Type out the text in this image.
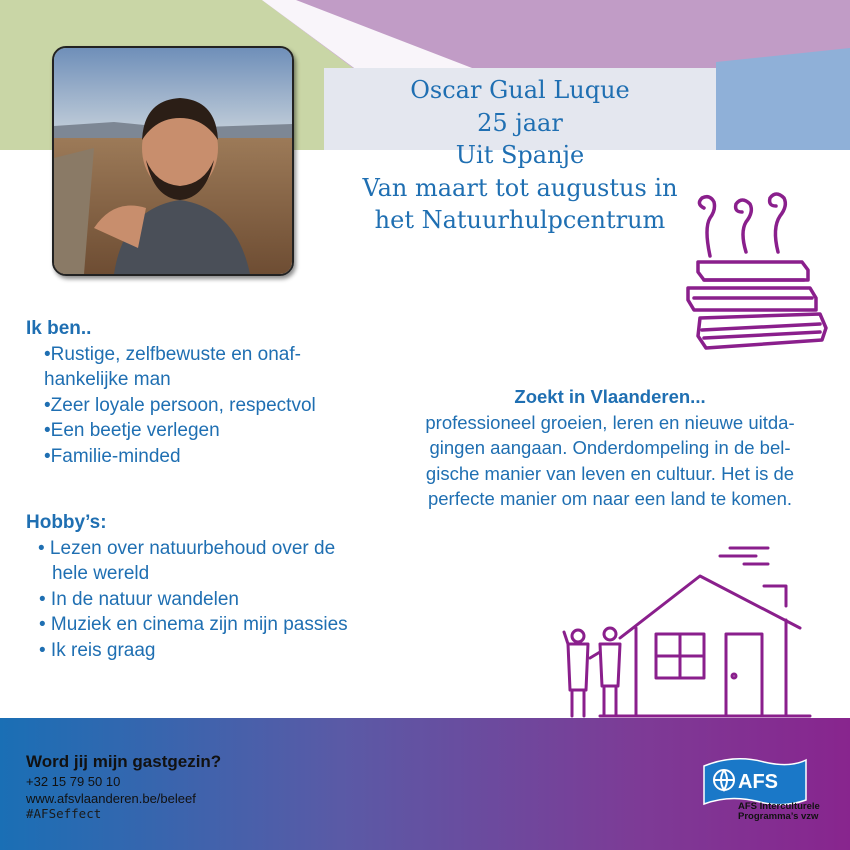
Oscar Gual Luque
25 jaar
Uit Spanje
Van maart tot augustus in
het Natuurhulpcentrum
Ik ben..
•Rustige, zelfbewuste en onaf-
hankelijke man
•Zeer loyale persoon, respectvol
•Een beetje verlegen
•Familie-minded
Hobby’s:
• Lezen over natuurbehoud over de
hele wereld
• In de natuur wandelen
• Muziek en cinema zijn mijn passies
• Ik reis graag
Zoekt in Vlaanderen...
professioneel groeien, leren en nieuwe uitda-
gingen aangaan. Onderdompeling in de bel-
gische manier van leven en cultuur. Het is de
perfecte manier om naar een land te komen.
Word jij mijn gastgezin?
+32 15 79 50 10
www.afsvlaanderen.be/beleef
#AFSeffect
AFS
AFS Interculturele
Programma’s vzw
